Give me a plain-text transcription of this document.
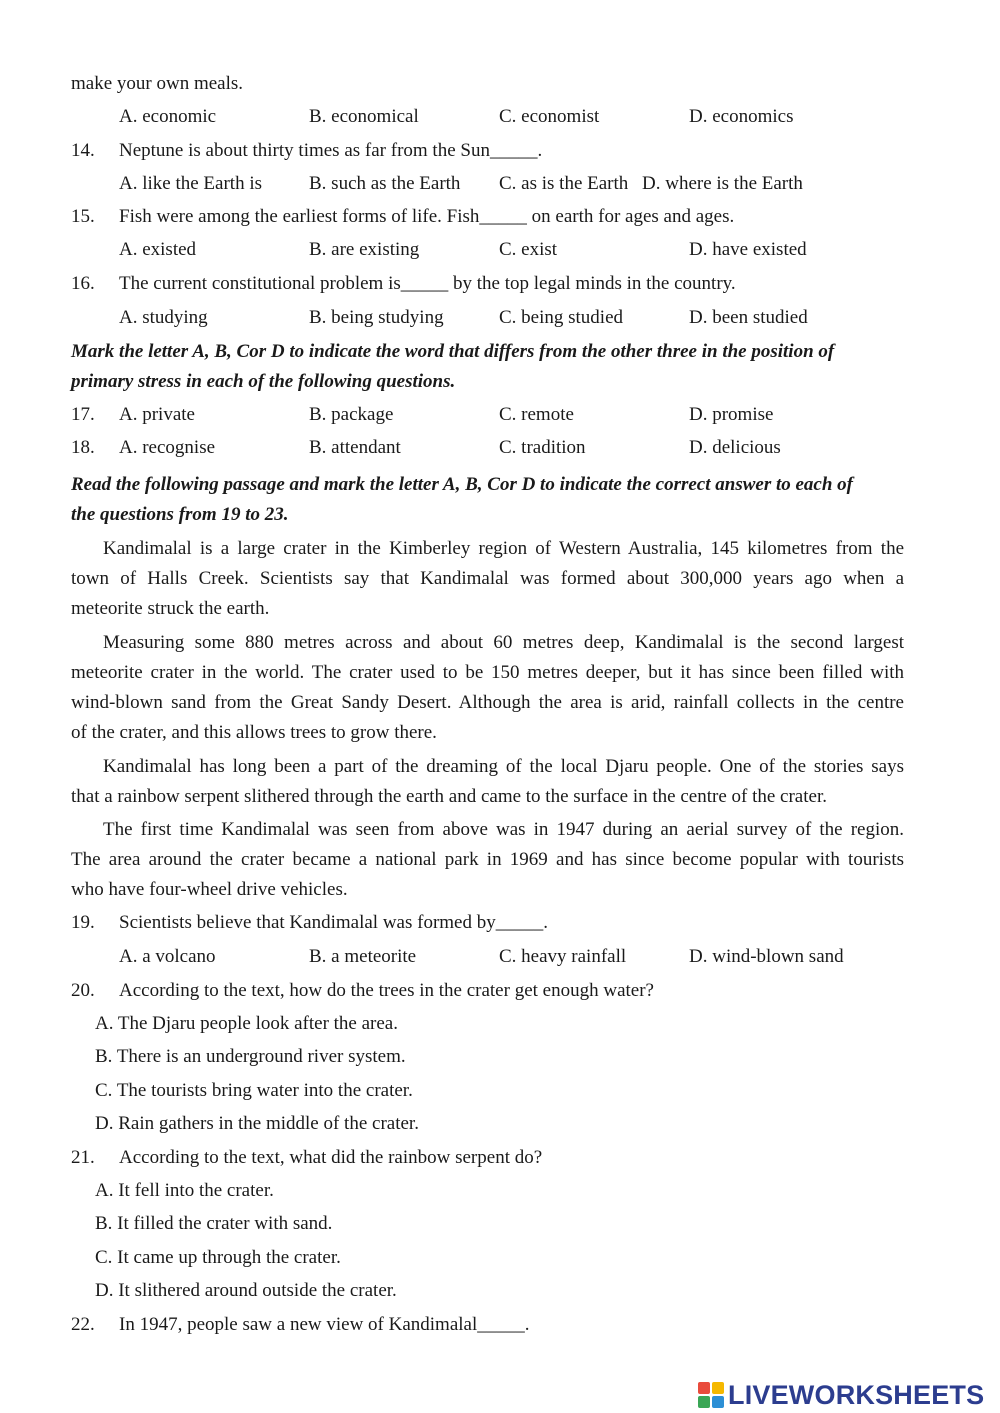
make your own meals.
A. economic	B. economical	C. economist	D. economics
14. Neptune is about thirty times as far from the Sun_____.
A. like the Earth is B. such as the Earth C. as is the Earth D. where is the Earth
15. Fish were among the earliest forms of life. Fish_____ on earth for ages and ages.
A. existed	B. are existing	C. exist	D. have existed
16. The current constitutional problem is_____ by the top legal minds in the country.
A. studying	B. being studying	C. being studied	D. been studied
Mark the letter A, B, Cor D to indicate the word that differs from the other three in the position of
primary stress in each of the following questions.
17. A. private	B. package	C. remote	D. promise
18. A. recognise	B. attendant	C. tradition	D. delicious
Read the following passage and mark the letter A, B, Cor D to indicate the correct answer to each of
the questions from 19 to 23.
Kandimalal is a large crater in the Kimberley region of Western Australia, 145 kilometres from the
town of Halls Creek. Scientists say that Kandimalal was formed about 300,000 years ago when a
meteorite struck the earth.
Measuring some 880 metres across and about 60 metres deep, Kandimalal is the second largest
meteorite crater in the world. The crater used to be 150 metres deeper, but it has since been filled with
wind-blown sand from the Great Sandy Desert. Although the area is arid, rainfall collects in the centre
of the crater, and this allows trees to grow there.
Kandimalal has long been a part of the dreaming of the local Djaru people. One of the stories says
that a rainbow serpent slithered through the earth and came to the surface in the centre of the crater.
The first time Kandimalal was seen from above was in 1947 during an aerial survey of the region.
The area around the crater became a national park in 1969 and has since become popular with tourists
who have four-wheel drive vehicles.
19. Scientists believe that Kandimalal was formed by_____.
A. a volcano	B. a meteorite	C. heavy rainfall	D. wind-blown sand
20. According to the text, how do the trees in the crater get enough water?
A. The Djaru people look after the area.
B. There is an underground river system.
C. The tourists bring water into the crater.
D. Rain gathers in the middle of the crater.
21. According to the text, what did the rainbow serpent do?
A. It fell into the crater.
B. It filled the crater with sand.
C. It came up through the crater.
D. It slithered around outside the crater.
22. In 1947, people saw a new view of Kandimalal_____.
LIVEWORKSHEETS
